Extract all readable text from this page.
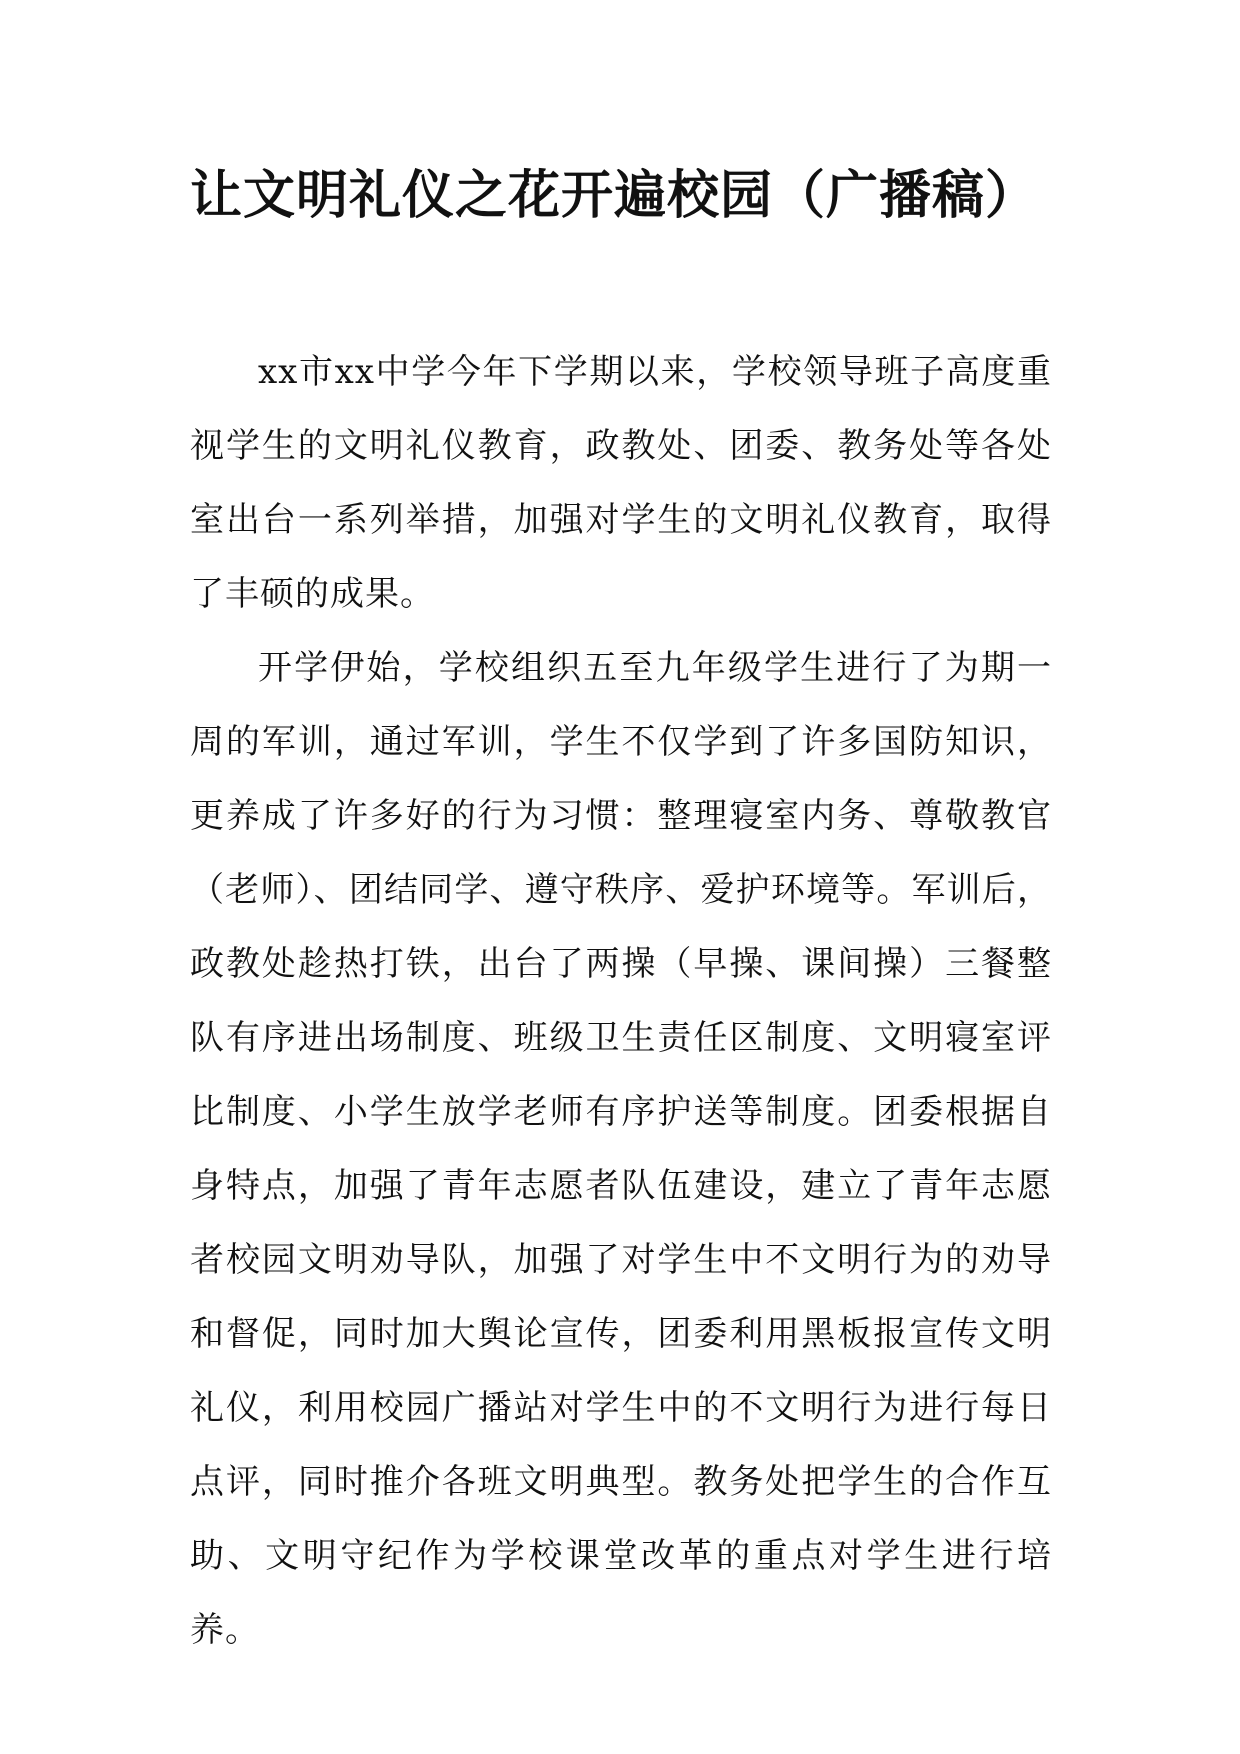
让文明礼仪之花开遍校园（广播稿）

xx市xx中学今年下学期以来，学校领导班子高度重视学生的文明礼仪教育，政教处、团委、教务处等各处室出台一系列举措，加强对学生的文明礼仪教育，取得了丰硕的成果。

开学伊始，学校组织五至九年级学生进行了为期一周的军训，通过军训，学生不仅学到了许多国防知识，更养成了许多好的行为习惯：整理寝室内务、尊敬教官（老师）、团结同学、遵守秩序、爱护环境等。军训后，政教处趁热打铁，出台了两操（早操、课间操）三餐整队有序进出场制度、班级卫生责任区制度、文明寝室评比制度、小学生放学老师有序护送等制度。团委根据自身特点，加强了青年志愿者队伍建设，建立了青年志愿者校园文明劝导队，加强了对学生中不文明行为的劝导和督促，同时加大舆论宣传，团委利用黑板报宣传文明礼仪，利用校园广播站对学生中的不文明行为进行每日点评，同时推介各班文明典型。教务处把学生的合作互助、文明守纪作为学校课堂改革的重点对学生进行培养。
